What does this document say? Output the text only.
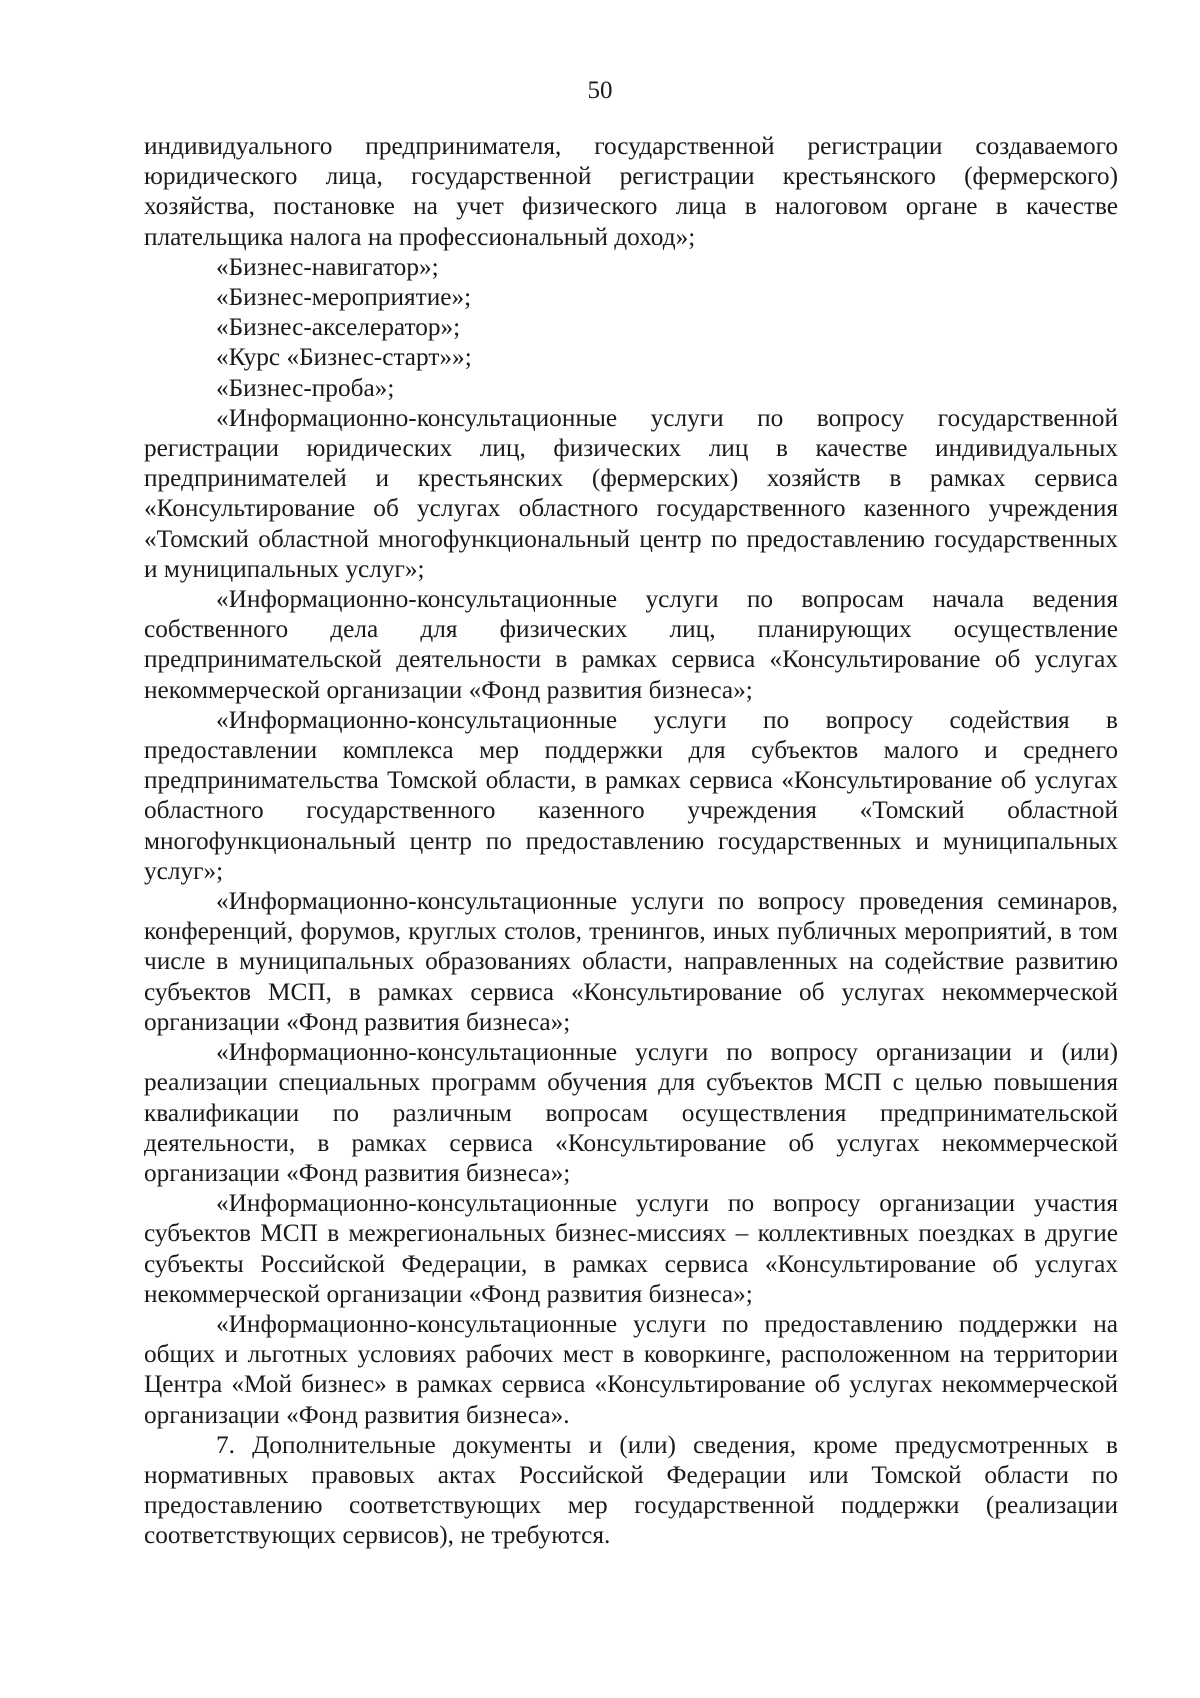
50

индивидуального предпринимателя, государственной регистрации создаваемого юридического лица, государственной регистрации крестьянского (фермерского) хозяйства, постановке на учет физического лица в налоговом органе в качестве плательщика налога на профессиональный доход»;

«Бизнес-навигатор»;

«Бизнес-мероприятие»;

«Бизнес-акселератор»;

«Курс «Бизнес-старт»»;

«Бизнес-проба»;

«Информационно-консультационные услуги по вопросу государственной регистрации юридических лиц, физических лиц в качестве индивидуальных предпринимателей и крестьянских (фермерских) хозяйств в рамках сервиса «Консультирование об услугах областного государственного казенного учреждения «Томский областной многофункциональный центр по предоставлению государственных и муниципальных услуг»;

«Информационно-консультационные услуги по вопросам начала ведения собственного дела для физических лиц, планирующих осуществление предпринимательской деятельности в рамках сервиса «Консультирование об услугах некоммерческой организации «Фонд развития бизнеса»;

«Информационно-консультационные услуги по вопросу содействия в предоставлении комплекса мер поддержки для субъектов малого и среднего предпринимательства Томской области, в рамках сервиса «Консультирование об услугах областного государственного казенного учреждения «Томский областной многофункциональный центр по предоставлению государственных и муниципальных услуг»;

«Информационно-консультационные услуги по вопросу проведения семинаров, конференций, форумов, круглых столов, тренингов, иных публичных мероприятий, в том числе в муниципальных образованиях области, направленных на содействие развитию субъектов МСП, в рамках сервиса «Консультирование об услугах некоммерческой организации «Фонд развития бизнеса»;

«Информационно-консультационные услуги по вопросу организации и (или) реализации специальных программ обучения для субъектов МСП с целью повышения квалификации по различным вопросам осуществления предпринимательской деятельности, в рамках сервиса «Консультирование об услугах некоммерческой организации «Фонд развития бизнеса»;

«Информационно-консультационные услуги по вопросу организации участия субъектов МСП в межрегиональных бизнес-миссиях – коллективных поездках в другие субъекты Российской Федерации, в рамках сервиса «Консультирование об услугах некоммерческой организации «Фонд развития бизнеса»;

«Информационно-консультационные услуги по предоставлению поддержки на общих и льготных условиях рабочих мест в коворкинге, расположенном на территории Центра «Мой бизнес» в рамках сервиса «Консультирование об услугах некоммерческой организации «Фонд развития бизнеса».

7. Дополнительные документы и (или) сведения, кроме предусмотренных в нормативных правовых актах Российской Федерации или Томской области по предоставлению соответствующих мер государственной поддержки (реализации соответствующих сервисов), не требуются.
